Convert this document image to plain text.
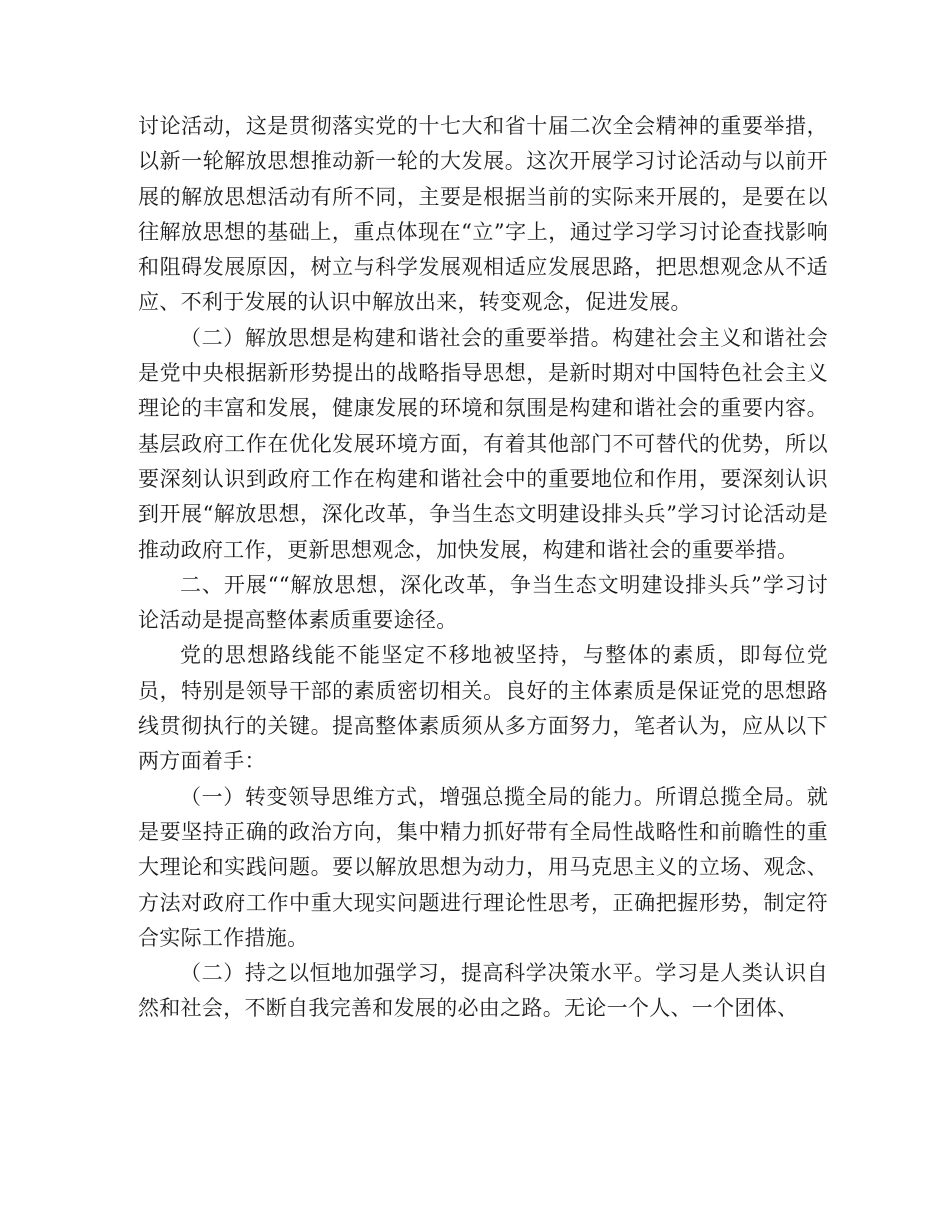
讨论活动，这是贯彻落实党的十七大和省十届二次全会精神的重要举措，以新一轮解放思想推动新一轮的大发展。这次开展学习讨论活动与以前开展的解放思想活动有所不同，主要是根据当前的实际来开展的，是要在以往解放思想的基础上，重点体现在“立”字上，通过学习学习讨论查找影响和阻碍发展原因，树立与科学发展观相适应发展思路，把思想观念从不适应、不利于发展的认识中解放出来，转变观念，促进发展。

（二）解放思想是构建和谐社会的重要举措。构建社会主义和谐社会是党中央根据新形势提出的战略指导思想，是新时期对中国特色社会主义理论的丰富和发展，健康发展的环境和氛围是构建和谐社会的重要内容。基层政府工作在优化发展环境方面，有着其他部门不可替代的优势，所以要深刻认识到政府工作在构建和谐社会中的重要地位和作用，要深刻认识到开展“解放思想，深化改革，争当生态文明建设排头兵”学习讨论活动是推动政府工作，更新思想观念，加快发展，构建和谐社会的重要举措。

二、开展““解放思想，深化改革，争当生态文明建设排头兵”学习讨论活动是提高整体素质重要途径。

党的思想路线能不能坚定不移地被坚持，与整体的素质，即每位党员，特别是领导干部的素质密切相关。良好的主体素质是保证党的思想路线贯彻执行的关键。提高整体素质须从多方面努力，笔者认为，应从以下两方面着手：

（一）转变领导思维方式，增强总揽全局的能力。所谓总揽全局。就是要坚持正确的政治方向，集中精力抓好带有全局性战略性和前瞻性的重大理论和实践问题。要以解放思想为动力，用马克思主义的立场、观念、方法对政府工作中重大现实问题进行理论性思考，正确把握形势，制定符合实际工作措施。

（二）持之以恒地加强学习，提高科学决策水平。学习是人类认识自然和社会，不断自我完善和发展的必由之路。无论一个人、一个团体、
